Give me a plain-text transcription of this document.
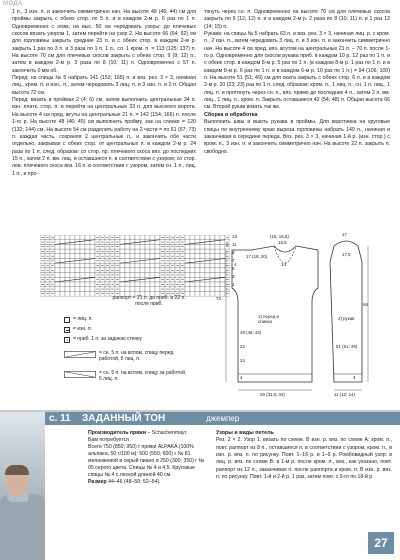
МОДА

1 п., 3 изн. п. и закончить симметрично нач. На высоте 48 (46; 44) см для проймы закрыть с обеих стор. по 5 п. и в каждом 2-м р. 6 раз по 1 п. Одновременно с этим, на выс. 50 см чередовать узоры: до плечевых скосов вязать узором 1, затем перейти на узор 2. На высоте 66 (64; 62) см для горловины закрыть средние 23 п. и с обеих стор. в каждом 2-м р. закрыть 1 раз по 3 п. и 3 раза по 1 п. 1 п., сл. 1 кром. п. = 113 (125; 137) п. На высоте 70 см для плечевых скосов закрыть с обеих стор. 9 (9; 12) п., затем в каждом 2-м р. 3 раза по 8 (10; 11) п. Одновременно с 57 п. закончить 0 мм об.

Перед: на спицы № 5 набрать 141 (153; 165) п. и вяз. рез. 3 × 3, начиная лиц., кром. п. и изн., п., затем чередовать 3 лиц. п. и 3 изн. п. и 2 п. Общая высота 72 см.

Перед: вязать в проймах 2 (4; 6) см, затем выполнить центральные 34 п. изн. платк. стор. п. и перейти на центральные 33 п. для высокого ворота. На высоте 4 см пред. жгуты на центральных 21 п. = 142 (154; 166) п. после 1-го р. На высоте 48 (46; 45) см выполнить пройму, как на спинке = 120 (132; 144) см. На высоте 54 см разделить работу на 2 части = по 61 (67; 73) п. каждая часть, сохраняя 2 центральные п., и закончить обе части отдельно, закрывая с обеих стор. от центральных п. в каждом 2-м р. 24 раза по 1 п. след. образом: со стор. пр. плечевого скоса вяз. до последних 15 п., затем 2 п. вм. лиц. и оставшиеся п. в соответствии с узором; со стор. лев. плечевого скоса вяз. 16 п. в соответствии с узором, затем сн. 1 п., лиц. 1 п., и про-

тянуть через сн. п. Одновременно на высоте 70 см для плечевых скосов закрыть по 9 (12; 12) п. и в каждом 2-м р. 2 раза по 8 (10; 11) п. и 1 раз 12 (14; 15) п.

Рукава: на спицы № 5 набрать 63 п. и вяз. рез. 3 × 3, начиная лиц. р. с кром. п., 2 изн. п., затем чередовать 3 лиц. п. и 3 изн. п. и закончить симметрично нач. На высоте 4 см пред. вяз. жгутом на центральных 21 п. – 70 п. после 1-го р. Одновременно для скосов рукава приб. в каждом 10 р. 12 раз по 1 п. и с обеих стор. в каждом 8-м р. 5 раз по 1 п. (в каждом 8-м р. 1 раз по 1 п. и в каждом 8-м р. 6 раз по 1 п. и в каждом 6-м р. 10 раз по 1 п.) = 94 (106; 100) п. На высоте 51 (51; 49) см для оката закрыть с обеих стор. 6 п. и в каждом 2-м р. 20 (23; 23) раз по 1 п. след. образом: кром. п., 1 лиц. п., сн. 1 п. лиц., 1 лиц. п. и протянуть через сн. п., вяз. прямо до последних 4 п., затем 2 п. вм. лиц., 1 лиц. п., кром. п. Закрыть оставшиеся 42 (54; 48) п. Общая высота 66 см. Второй рукав вязать так же.

Сборка и обработка

Выполнить швы и вшить рукава в проймы. Для воротника на круговые спицы по внутреннему краю выреза горловины набрать 149 п., начиная и заканчивая в середине переда. Вяз. рез. 3 × 3, начиная 1-й р. (изн. стор.) с кром. п., 3 изн. п. и закончить симметрично нач. На высоте 22 п. закрыть п. свободно.

13
11
9
7
5
3
1
раппорт = 21 п. до приб. и 22 п. после приб.
= лиц. п.
= изн. п.
= приб. 1 п. за заднюю стенку
= сн. 5 п. на вспом. спицу перед работой, 5 лиц. п.
= сн. 5 п. на вспом. спицу за работой, 5 лиц. п.
(15; 16,5)
16,5
14
2
4
17 (19; 20)
1) перед и спинка
2) рукав
72
48 (46; 44)
22
24
4
29 (31,5; 34)
17
17,5
66
51 (51; 49)
4
11 (12; 14)
с. 11 ЗАДАННЫЙ ТОН	джемпер

Производитель пряжи – Schachenmayr.

Вам потребуется

Всего 750 (850; 950) г пряжи ALPAKA (100% альпака; 50 г/100 м): 500 (550; 600) г № 81 меланжевой в серый пиано и 250 (300; 350) г № 05 серого цвета. Спицы № 4 и 4,5. Круговые спицы № 4 с леской длиной 40 см.

Размер 44–46 (48–50; 52–54).

Узоры и виды петель

Рез. 2 × 2. Узор 1: вязать по схеме. В изн. р. вяз. по схеме А: кром. п., повт. раппорт из 8 п., оставшиеся п. в соответствии с узором, кром. п., в изн. р. вяз. п. по рисунку. Повт. 1–16 р. и 1–9 р. Ромбовидный узор: в лиц. р. вяз. по схеме В: в 1-м р. после кром. п., вяз., как указано, повт. раппорт из 12 п., заканчивая п. после раппорта и кром. п. В изн. р. вяз. п. по рисунку. Повт. 1-й и 2-й р. 1 раз, затем повт. с 3-го по 18-й р.

27
